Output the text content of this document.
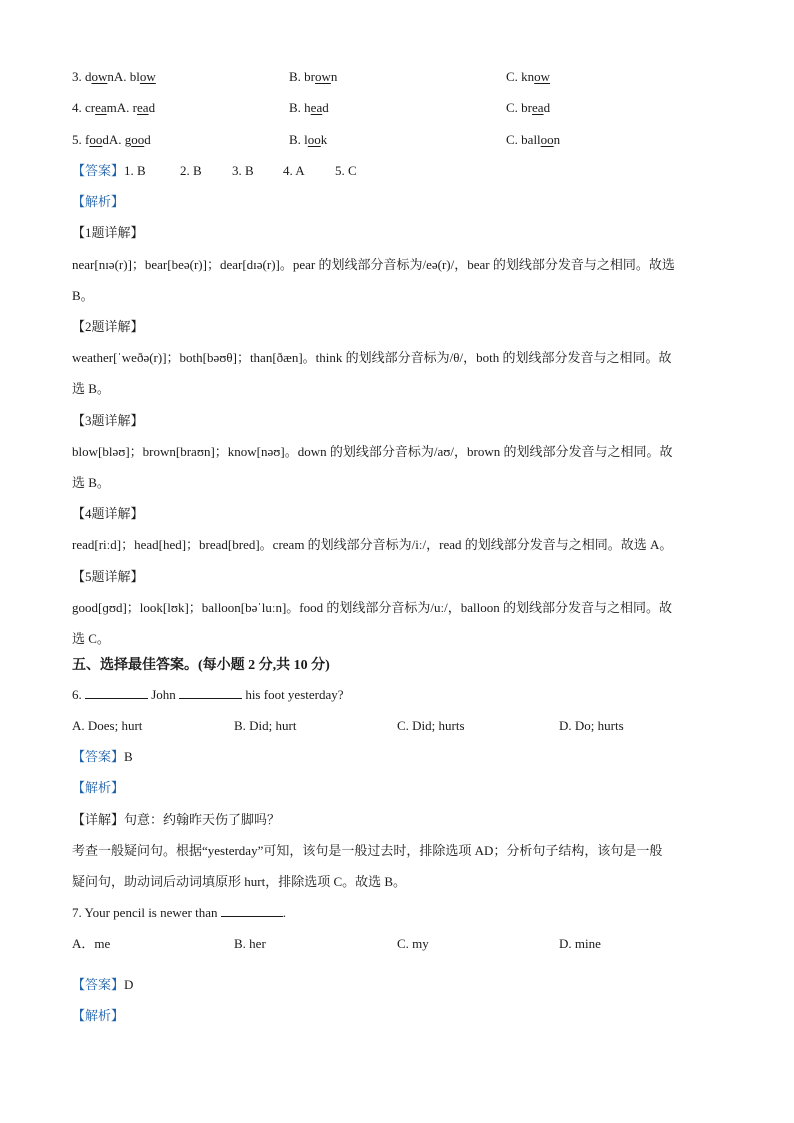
3. downA. blow	B. brown	C. know
4. creamA. read	B. head	C. bread
5. foodA. good	B. look	C. balloon
【答案】1. B	2. B 3. B 4. A 5. C
【解析】
【1题详解】
near[nɪə(r)]；bear[beə(r)]；dear[dɪə(r)]。pear 的划线部分音标为/eə(r)/，bear 的划线部分发音与之相同。故选
B。
【2题详解】
weather[ˈweðə(r)]；both[bəʊθ]；than[ðæn]。think 的划线部分音标为/θ/，both 的划线部分发音与之相同。故
选 B。
【3题详解】
blow[bləʊ]；brown[braʊn]；know[nəʊ]。down 的划线部分音标为/aʊ/，brown 的划线部分发音与之相同。故
选 B。
【4题详解】
read[riːd]；head[hed]；bread[bred]。cream 的划线部分音标为/iː/，read 的划线部分发音与之相同。故选 A。
【5题详解】
good[ɡʊd]；look[lʊk]；balloon[bəˈluːn]。food 的划线部分音标为/uː/，balloon 的划线部分发音与之相同。故
选 C。
五、选择最佳答案。(每小题 2 分,共 10 分)
6.	John	his foot yesterday?
A. Does; hurt	B. Did; hurt	C. Did; hurts	D. Do; hurts
【答案】B
【解析】
【详解】句意：约翰昨天伤了脚吗？
考查一般疑问句。根据“yesterday”可知，该句是一般过去时，排除选项 AD；分析句子结构，该句是一般
疑问句，助动词后动词填原形 hurt，排除选项 C。故选 B。
7. Your pencil is newer than	.
A．me	B. her	C. my	D. mine
【答案】D
【解析】
